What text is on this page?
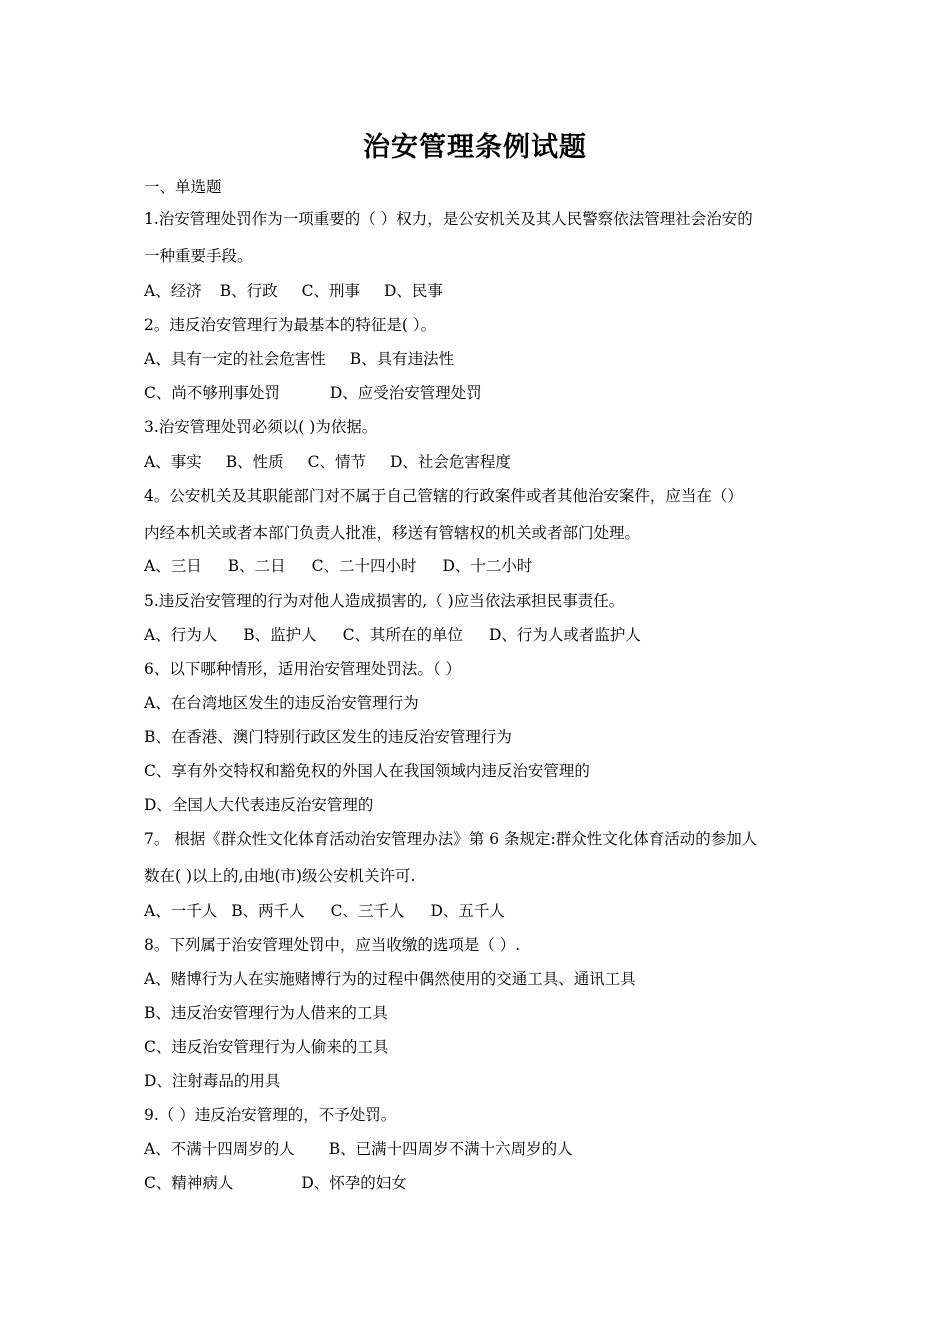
治安管理条例试题
一、单选题
1.治安管理处罚作为一项重要的（ ）权力，是公安机关及其人民警察依法管理社会治安的
一种重要手段。
A、经济 B、行政 C、刑事 D、民事
2。违反治安管理行为最基本的特征是( ）。
A、具有一定的社会危害性 B、具有违法性
C、尚不够刑事处罚	D、应受治安管理处罚
3.治安管理处罚必须以( )为依据。
A、事实 B、性质 C、情节 D、社会危害程度
4。公安机关及其职能部门对不属于自己管辖的行政案件或者其他治安案件，应当在（）
内经本机关或者本部门负责人批准，移送有管辖权的机关或者部门处理。
A、三日 B、二日 C、二十四小时 D、十二小时
5.违反治安管理的行为对他人造成损害的,（ )应当依法承担民事责任。
A、行为人 B、监护人 C、其所在的单位 D、行为人或者监护人
6、以下哪种情形，适用治安管理处罚法。（ ）
A、在台湾地区发生的违反治安管理行为
B、在香港、澳门特别行政区发生的违反治安管理行为
C、享有外交特权和豁免权的外国人在我国领域内违反治安管理的
D、全国人大代表违反治安管理的
7。 根据《群众性文化体育活动治安管理办法》第 6 条规定:群众性文化体育活动的参加人
数在( )以上的,由地(市)级公安机关许可.
A、一千人 B、两千人 C、三千人 D、五千人
8。下列属于治安管理处罚中，应当收缴的选项是（ ）.
A、赌博行为人在实施赌博行为的过程中偶然使用的交通工具、通讯工具
B、违反治安管理行为人借来的工具
C、违反治安管理行为人偷来的工具
D、注射毒品的用具
9.（ ）违反治安管理的，不予处罚。
A、不满十四周岁的人 B、已满十四周岁不满十六周岁的人
C、精神病人	D、怀孕的妇女
